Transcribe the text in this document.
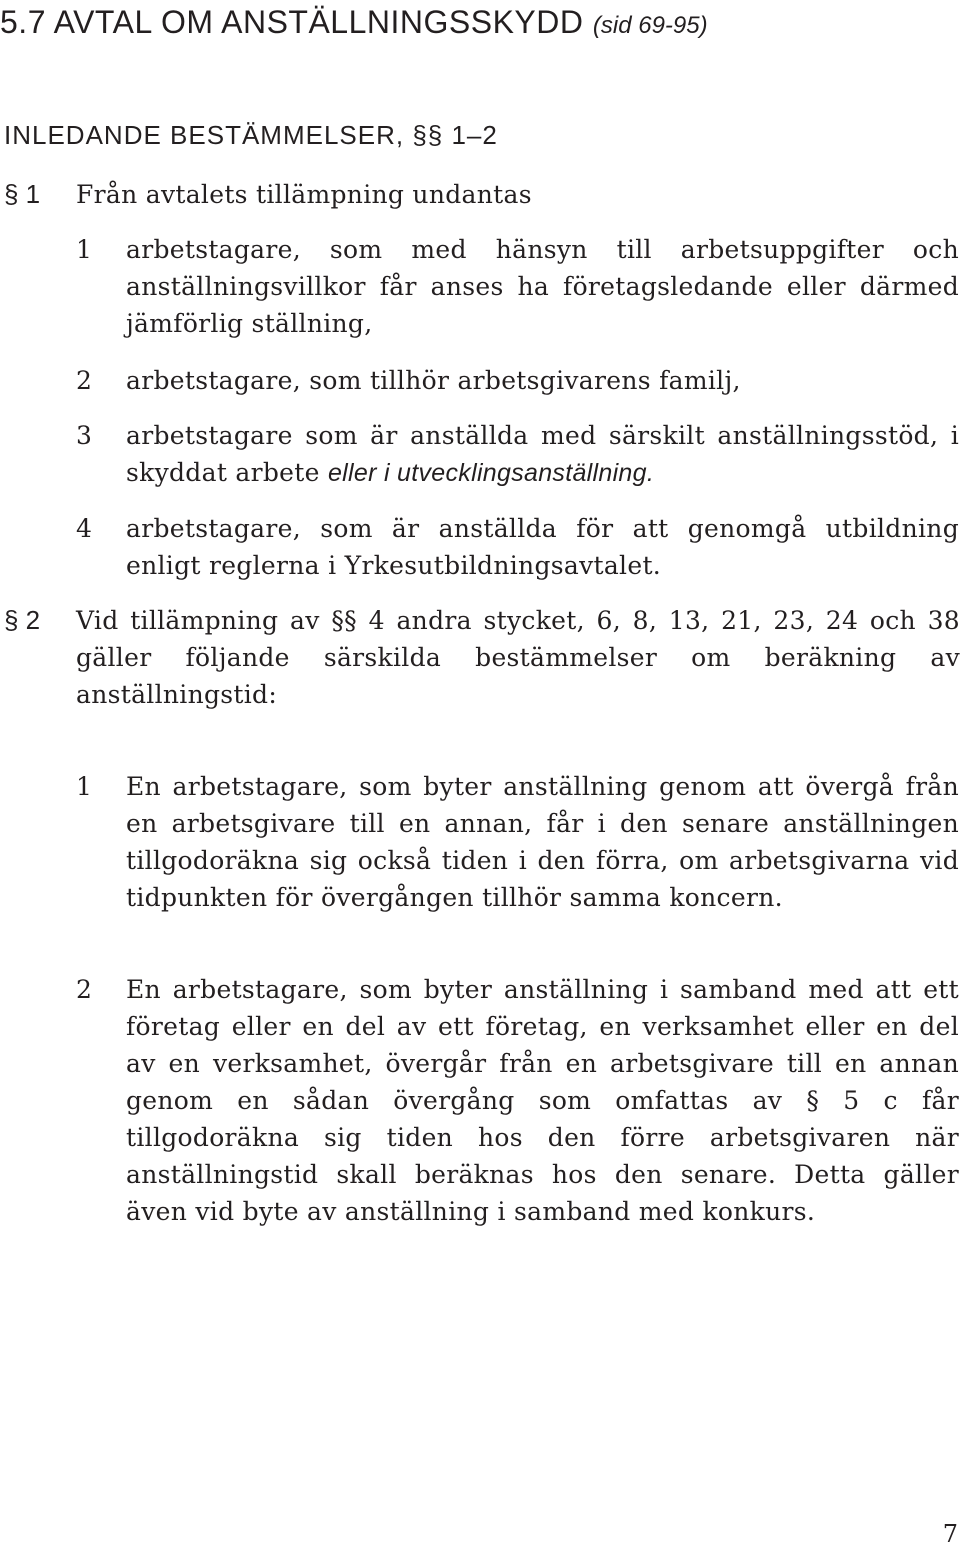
5.7 AVTAL OM ANSTÄLLNINGSSKYDD (sid 69-95)
INLEDANDE BESTÄMMELSER, §§ 1–2
§ 1 Från avtalets tillämpning undantas

1 arbetstagare, som med hänsyn till arbetsuppgifter och anställningsvillkor får anses ha företagsledande eller därmed jämförlig ställning,

2 arbetstagare, som tillhör arbetsgivarens familj,

3 arbetstagare som är anställda med särskilt anställningsstöd, i skyddat arbete eller i utvecklingsanställning.

4 arbetstagare, som är anställda för att genomgå utbildning enligt reglerna i Yrkesutbildningsavtalet.

§ 2 Vid tillämpning av §§ 4 andra stycket, 6, 8, 13, 21, 23, 24 och 38 gäller följande särskilda bestämmelser om beräkning av anställningstid:

1 En arbetstagare, som byter anställning genom att övergå från en arbetsgivare till en annan, får i den senare anställningen tillgodoräkna sig också tiden i den förra, om arbetsgivarna vid tidpunkten för övergången tillhör samma koncern.

2 En arbetstagare, som byter anställning i samband med att ett företag eller en del av ett företag, en verksamhet eller en del av en verksamhet, övergår från en arbetsgivare till en annan genom en sådan övergång som omfattas av § 5 c får tillgodoräkna sig tiden hos den förre arbetsgivaren när anställningstid skall beräknas hos den senare. Detta gäller även vid byte av anställning i samband med konkurs.

7
